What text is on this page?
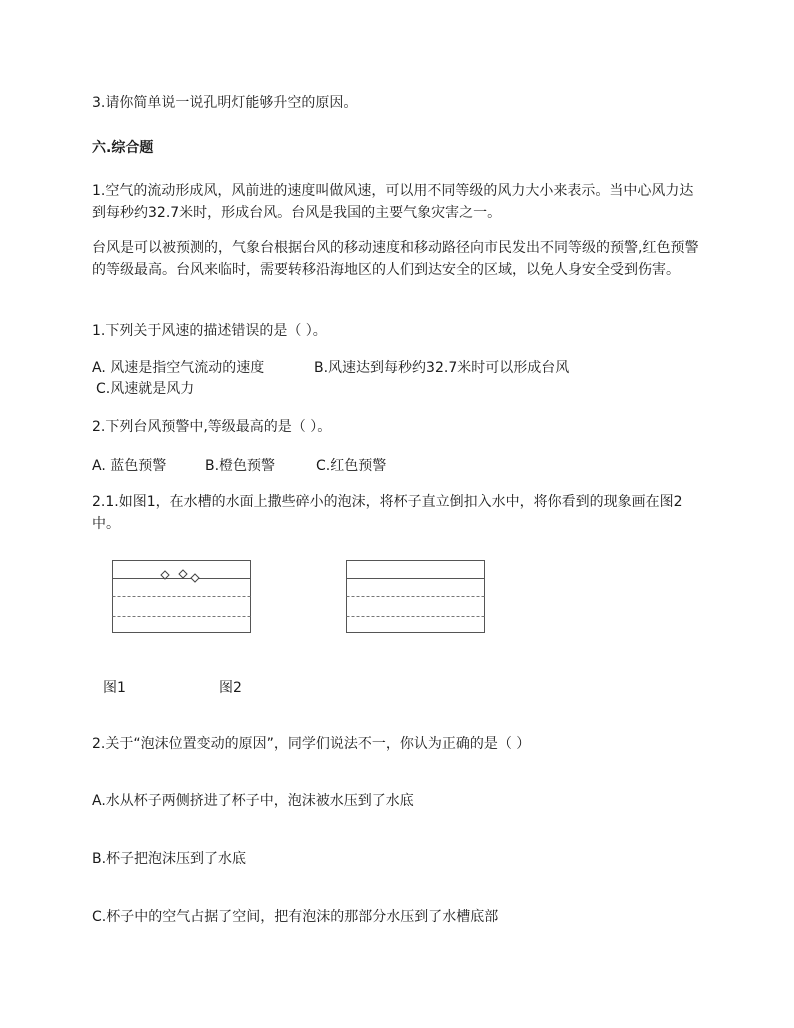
3.请你简单说一说孔明灯能够升空的原因。
六.综合题
1.空气的流动形成风，风前进的速度叫做风速，可以用不同等级的风力大小来表示。当中心风力达到每秒约32.7米时，形成台风。台风是我国的主要气象灾害之一。
台风是可以被预测的，气象台根据台风的移动速度和移动路径向市民发出不同等级的预警,红色预警的等级最高。台风来临时，需要转移沿海地区的人们到达安全的区域，以免人身安全受到伤害。
1.下列关于风速的描述错误的是（ ）。
A. 风速是指空气流动的速度	B.风速达到每秒约32.7米时可以形成台风
C.风速就是风力
2.下列台风预警中,等级最高的是（ ）。
A. 蓝色预警	B.橙色预警	C.红色预警
2.1.如图1，在水槽的水面上撒些碎小的泡沫，将杯子直立倒扣入水中，将你看到的现象画在图2中。
图1	图2
2.关于“泡沫位置变动的原因”，同学们说法不一，你认为正确的是（ ）
A.水从杯子两侧挤进了杯子中，泡沫被水压到了水底
B.杯子把泡沫压到了水底
C.杯子中的空气占据了空间，把有泡沫的那部分水压到了水槽底部
